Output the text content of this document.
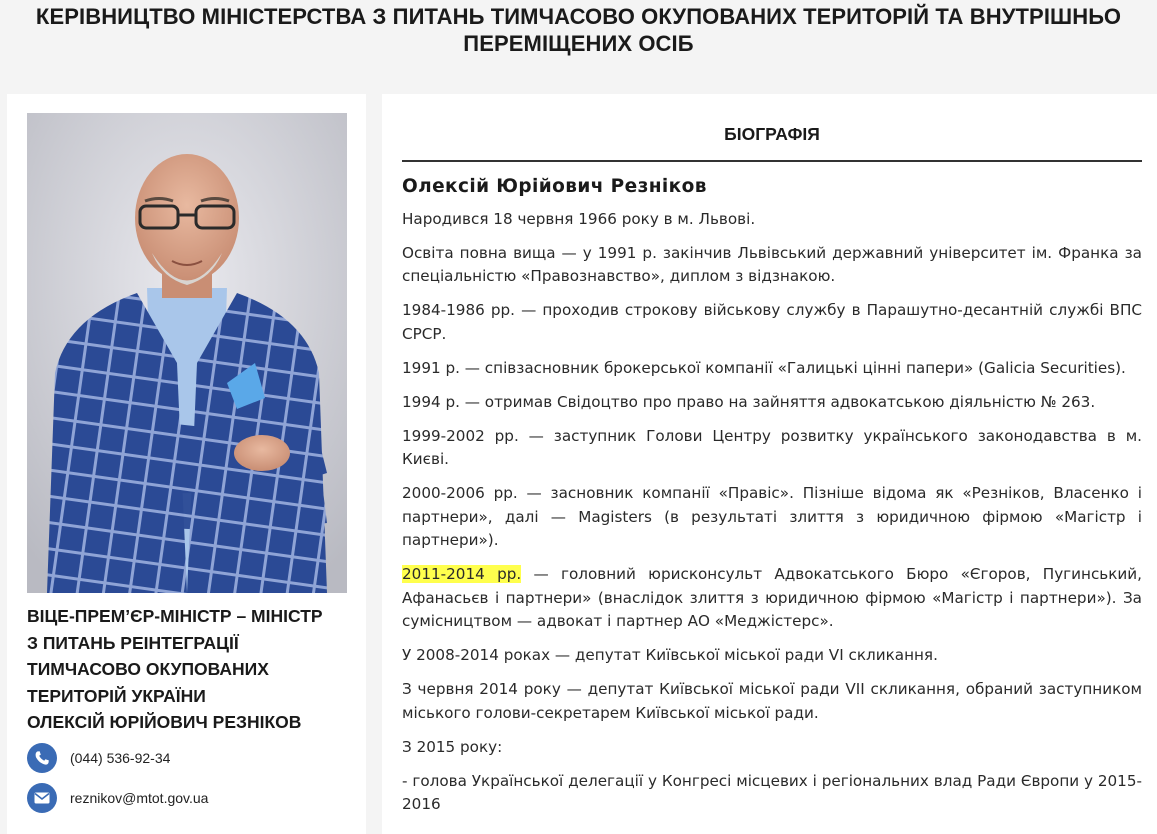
КЕРІВНИЦТВО МІНІСТЕРСТВА З ПИТАНЬ ТИМЧАСОВО ОКУПОВАНИХ ТЕРИТОРІЙ ТА ВНУТРІШНЬО
ПЕРЕМІЩЕНИХ ОСІБ
ВІЦЕ-ПРЕМ’ЄР-МІНІСТР – МІНІСТР
З ПИТАНЬ РЕІНТЕГРАЦІЇ
ТИМЧАСОВО ОКУПОВАНИХ
ТЕРИТОРІЙ УКРАЇНИ
ОЛЕКСІЙ ЮРІЙОВИЧ РЕЗНІКОВ
(044) 536-92-34
reznikov@mtot.gov.ua
БІОГРАФІЯ
Олексій Юрійович Резніков

Народився 18 червня 1966 року в м. Львові.

Освіта повна вища — у 1991 р. закінчив Львівський державний університет ім. Франка за спеціальністю «Правознавство», диплом з відзнакою.

1984-1986 рр. — проходив строкову військову службу в Парашутно-десантній службі ВПС СРСР.

1991 р. — співзасновник брокерської компанії «Галицькі цінні папери» (Galicia Securities).

1994 р. — отримав Свідоцтво про право на зайняття адвокатською діяльністю № 263.

1999-2002 рр. — заступник Голови Центру розвитку українського законодавства в м. Києві.

2000-2006 рр. — засновник компанії «Правіс». Пізніше відома як «Резніков, Власенко і партнери», далі — Magisters (в результаті злиття з юридичною фірмою «Магістр і партнери»).

2011-2014 рр. — головний юрисконсульт Адвокатського Бюро «Єгоров, Пугинський, Афанасьєв і партнери» (внаслідок злиття з юридичною фірмою «Магістр і партнери»). За сумісництвом — адвокат і партнер АО «Меджістерс».

У 2008-2014 роках — депутат Київської міської ради VI скликання.

З червня 2014 року — депутат Київської міської ради VII скликання, обраний заступником міського голови-секретарем Київської міської ради.

З 2015 року:

- голова Української делегації у Конгресі місцевих і регіональних влад Ради Європи у 2015-2016
